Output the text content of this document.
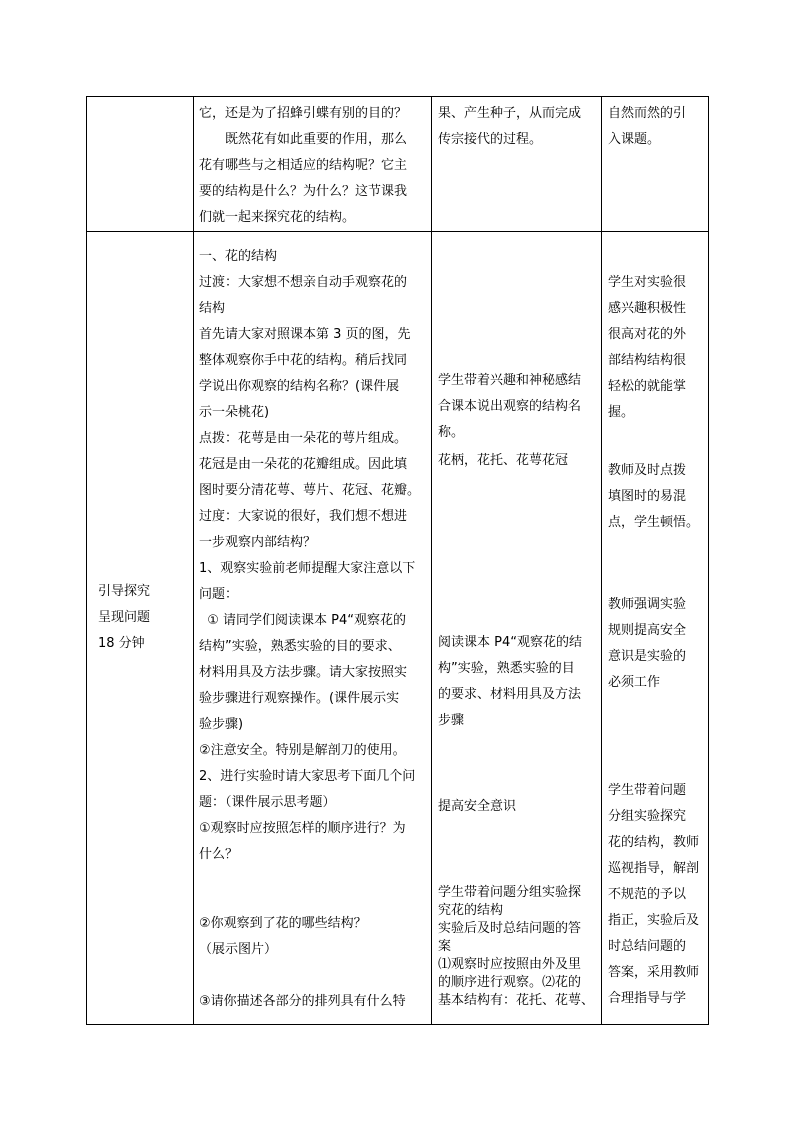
它，还是为了招蜂引蝶有别的目的？

既然花有如此重要的作用，那么

花有哪些与之相适应的结构呢？它主

要的结构是什么？为什么？这节课我

们就一起来探究花的结构。

果、产生种子，从而完成

传宗接代的过程。

自然而然的引

入课题。

引导探究

呈现问题

18 分钟

一、花的结构

过渡：大家想不想亲自动手观察花的

结构

首先请大家对照课本第 3 页的图，先

整体观察你手中花的结构。稍后找同

学说出你观察的结构名称？(课件展

示一朵桃花)

点拨：花萼是由一朵花的萼片组成。

花冠是由一朵花的花瓣组成。因此填

图时要分清花萼、萼片、花冠、花瓣。

过度：大家说的很好，我们想不想进

一步观察内部结构？

1、观察实验前老师提醒大家注意以下

问题：

① 请同学们阅读课本 P4“观察花的

结构”实验，熟悉实验的目的要求、

材料用具及方法步骤。请大家按照实

验步骤进行观察操作。(课件展示实

验步骤)

②注意安全。特别是解剖刀的使用。

2、进行实验时请大家思考下面几个问

题：（课件展示思考题）

①观察时应按照怎样的顺序进行？为

什么？

②你观察到了花的哪些结构？

（展示图片）

③请你描述各部分的排列具有什么特

学生带着兴趣和神秘感结

合课本说出观察的结构名

称。

花柄，花托、花萼花冠

阅读课本 P4“观察花的结

构”实验，熟悉实验的目

的要求、材料用具及方法

步骤

提高安全意识

学生带着问题分组实验探

究花的结构

实验后及时总结问题的答

案

⑴观察时应按照由外及里

的顺序进行观察。⑵花的

基本结构有：花托、花萼、

学生对实验很

感兴趣积极性

很高对花的外

部结构结构很

轻松的就能掌

握。

教师及时点拨

填图时的易混

点，学生顿悟。

教师强调实验

规则提高安全

意识是实验的

必须工作

学生带着问题

分组实验探究

花的结构，教师

巡视指导，解剖

不规范的予以

指正，实验后及

时总结问题的

答案，采用教师

合理指导与学
